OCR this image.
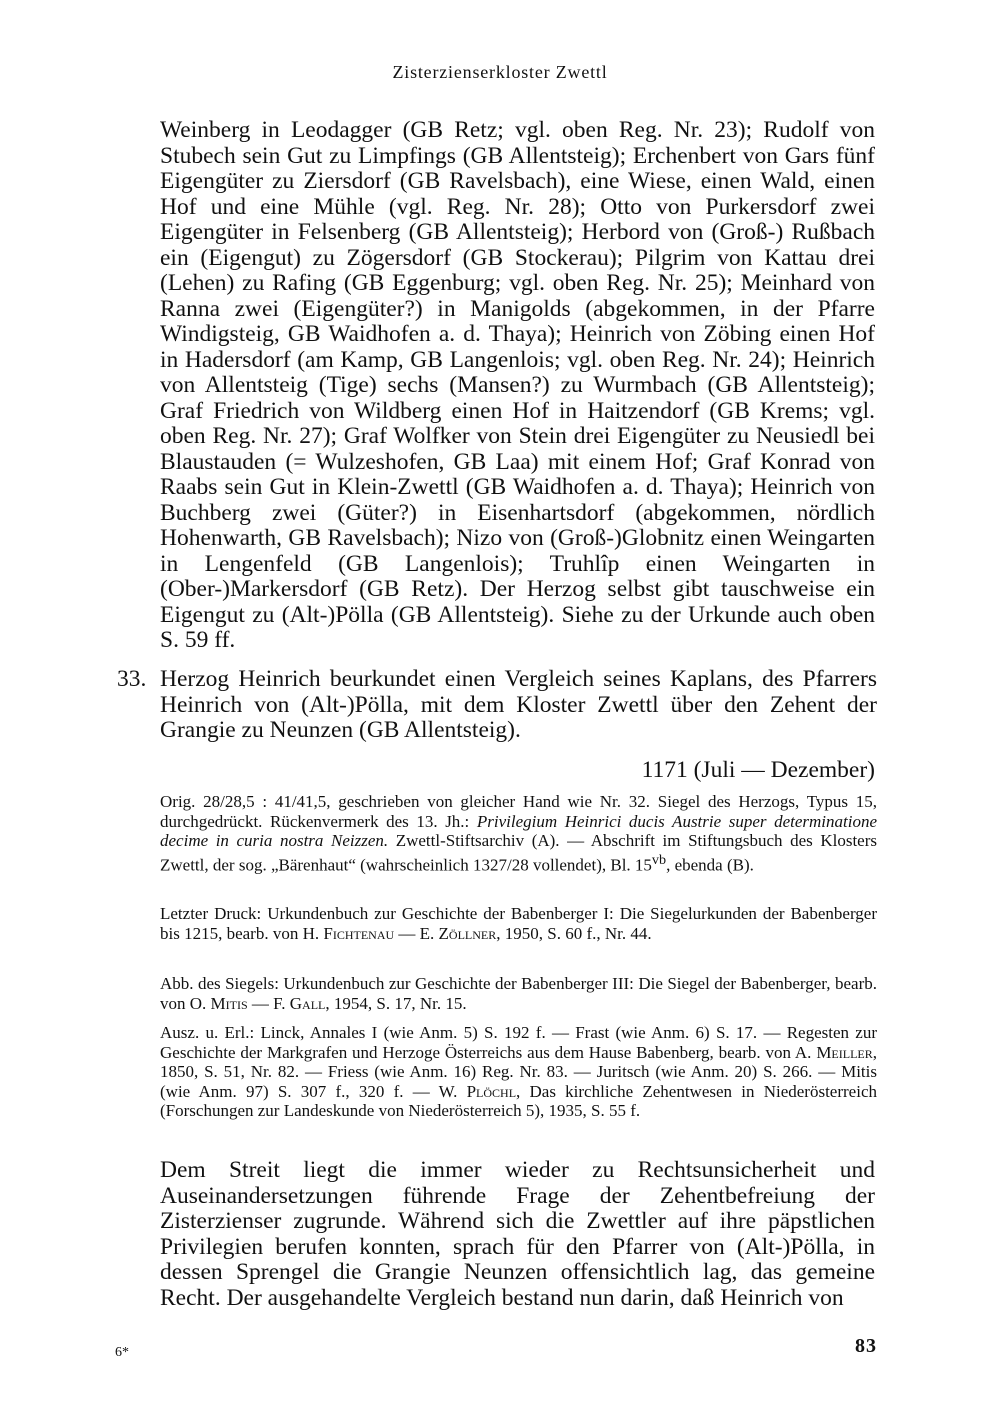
Zisterzienserkloster Zwettl

Weinberg in Leodagger (GB Retz; vgl. oben Reg. Nr. 23); Rudolf von Stubech sein Gut zu Limpfings (GB Allentsteig); Erchenbert von Gars fünf Eigengüter zu Ziersdorf (GB Ravelsbach), eine Wiese, einen Wald, einen Hof und eine Mühle (vgl. Reg. Nr. 28); Otto von Purkersdorf zwei Eigengüter in Felsenberg (GB Allentsteig); Herbord von (Groß-) Rußbach ein (Eigengut) zu Zögersdorf (GB Stockerau); Pilgrim von Kattau drei (Lehen) zu Rafing (GB Eggenburg; vgl. oben Reg. Nr. 25); Meinhard von Ranna zwei (Eigengüter?) in Manigolds (abgekommen, in der Pfarre Windigsteig, GB Waidhofen a. d. Thaya); Heinrich von Zöbing einen Hof in Hadersdorf (am Kamp, GB Langenlois; vgl. oben Reg. Nr. 24); Heinrich von Allentsteig (Tige) sechs (Mansen?) zu Wurmbach (GB Allentsteig); Graf Friedrich von Wildberg einen Hof in Haitzendorf (GB Krems; vgl. oben Reg. Nr. 27); Graf Wolfker von Stein drei Eigengüter zu Neusiedl bei Blaustauden (= Wulzeshofen, GB Laa) mit einem Hof; Graf Konrad von Raabs sein Gut in Klein-Zwettl (GB Waidhofen a. d. Thaya); Heinrich von Buchberg zwei (Güter?) in Eisenhartsdorf (abgekommen, nördlich Hohenwarth, GB Ravelsbach); Nizo von (Groß-)Globnitz einen Weingarten in Lengenfeld (GB Langenlois); Truhlîp einen Weingarten in (Ober-)Markersdorf (GB Retz). Der Herzog selbst gibt tauschweise ein Eigengut zu (Alt-)Pölla (GB Allentsteig). Siehe zu der Urkunde auch oben S. 59 ff.

33. Herzog Heinrich beurkundet einen Vergleich seines Kaplans, des Pfarrers Heinrich von (Alt-)Pölla, mit dem Kloster Zwettl über den Zehent der Grangie zu Neunzen (GB Allentsteig).

1171 (Juli — Dezember)

Orig. 28/28,5 : 41/41,5, geschrieben von gleicher Hand wie Nr. 32. Siegel des Herzogs, Typus 15, durchgedrückt. Rückenvermerk des 13. Jh.: Privilegium Heinrici ducis Austrie super determinatione decime in curia nostra Neizzen. Zwettl-Stiftsarchiv (A). — Abschrift im Stiftungsbuch des Klosters Zwettl, der sog. „Bärenhaut“ (wahrscheinlich 1327/28 vollendet), Bl. $15^{vb}$, ebenda (B).

Letzter Druck: Urkundenbuch zur Geschichte der Babenberger I: Die Siegelurkunden der Babenberger bis 1215, bearb. von H. Fichtenau — E. Zöllner, 1950, S. 60 f., Nr. 44.

Abb. des Siegels: Urkundenbuch zur Geschichte der Babenberger III: Die Siegel der Babenberger, bearb. von O. Mitis — F. Gall, 1954, S. 17, Nr. 15.

Ausz. u. Erl.: Linck, Annales I (wie Anm. 5) S. 192 f. — Frast (wie Anm. 6) S. 17. — Regesten zur Geschichte der Markgrafen und Herzoge Österreichs aus dem Hause Babenberg, bearb. von A. Meiller, 1850, S. 51, Nr. 82. — Friess (wie Anm. 16) Reg. Nr. 83. — Juritsch (wie Anm. 20) S. 266. — Mitis (wie Anm. 97) S. 307 f., 320 f. — W. Plöchl, Das kirchliche Zehentwesen in Niederösterreich (Forschungen zur Landeskunde von Niederösterreich 5), 1935, S. 55 f.

Dem Streit liegt die immer wieder zu Rechtsunsicherheit und Auseinandersetzungen führende Frage der Zehentbefreiung der Zisterzienser zugrunde. Während sich die Zwettler auf ihre päpstlichen Privilegien berufen konnten, sprach für den Pfarrer von (Alt-)Pölla, in dessen Sprengel die Grangie Neunzen offensichtlich lag, das gemeine Recht. Der ausgehandelte Vergleich bestand nun darin, daß Heinrich von

6*	83
